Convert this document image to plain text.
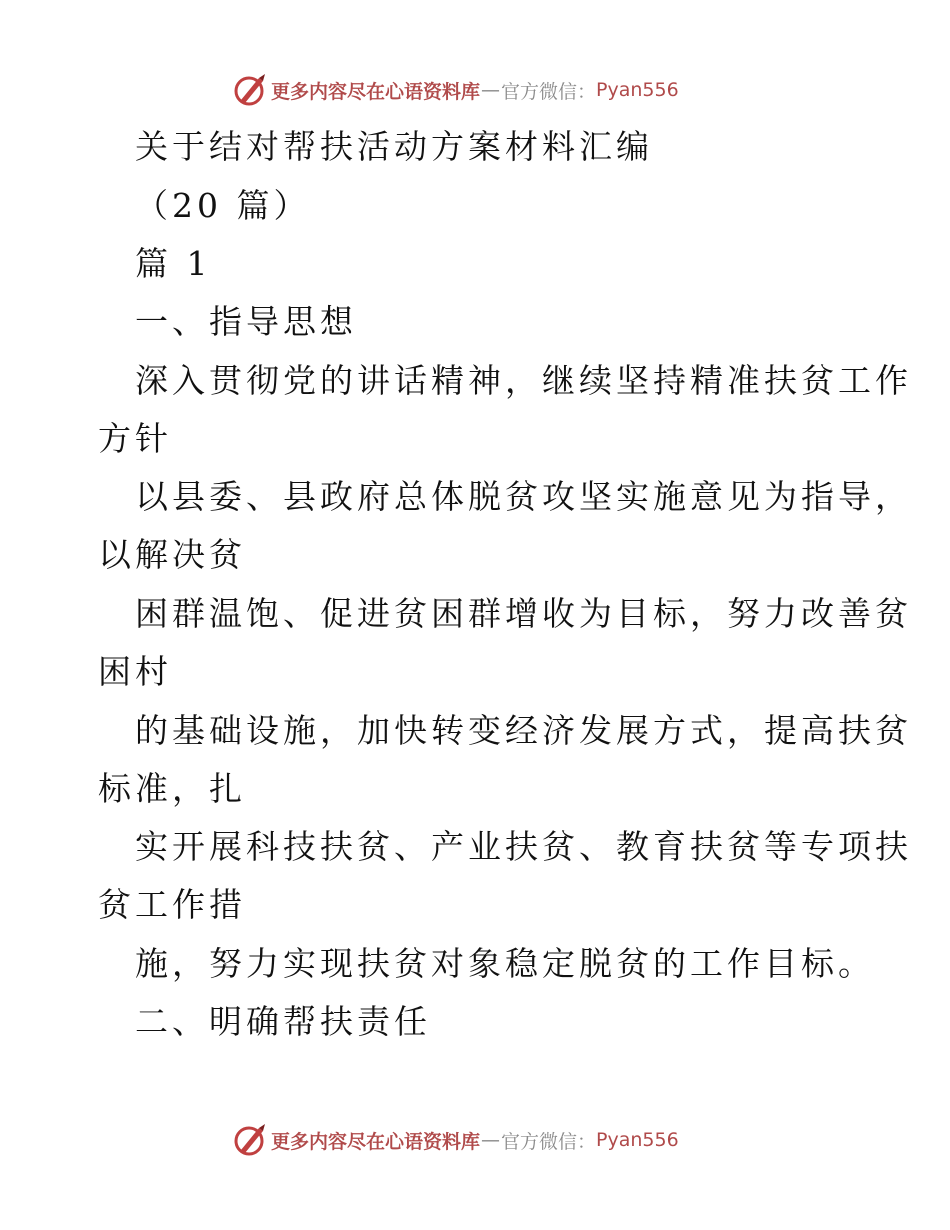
更多内容尽在心语资料库 — 官方微信： Pyan556
关于结对帮扶活动方案材料汇编
（20 篇）
篇 1
一、指导思想
深入贯彻党的讲话精神，继续坚持精准扶贫工作
方针
以县委、县政府总体脱贫攻坚实施意见为指导，
以解决贫
困群温饱、促进贫困群增收为目标，努力改善贫
困村
的基础设施，加快转变经济发展方式，提高扶贫
标准，扎
实开展科技扶贫、产业扶贫、教育扶贫等专项扶
贫工作措
施，努力实现扶贫对象稳定脱贫的工作目标。
二、明确帮扶责任
更多内容尽在心语资料库 — 官方微信： Pyan556
